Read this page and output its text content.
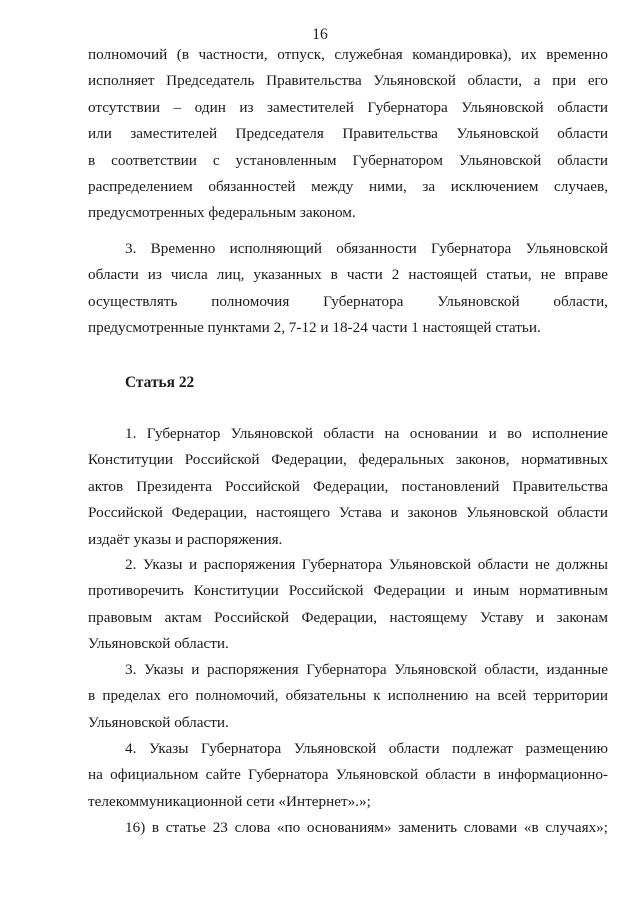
16
полномочий (в частности, отпуск, служебная командировка), их временно
исполняет Председатель Правительства Ульяновской области, а при его
отсутствии – один из заместителей Губернатора Ульяновской области
или заместителей Председателя Правительства Ульяновской области
в соответствии с установленным Губернатором Ульяновской области
распределением обязанностей между ними, за исключением случаев,
предусмотренных федеральным законом.
3. Временно исполняющий обязанности Губернатора Ульяновской
области из числа лиц, указанных в части 2 настоящей статьи, не вправе
осуществлять полномочия Губернатора Ульяновской области,
предусмотренные пунктами 2, 7-12 и 18-24 части 1 настоящей статьи.
Статья 22
1. Губернатор Ульяновской области на основании и во исполнение
Конституции Российской Федерации, федеральных законов, нормативных
актов Президента Российской Федерации, постановлений Правительства
Российской Федерации, настоящего Устава и законов Ульяновской области
издаёт указы и распоряжения.
2. Указы и распоряжения Губернатора Ульяновской области не должны
противоречить Конституции Российской Федерации и иным нормативным
правовым актам Российской Федерации, настоящему Уставу и законам
Ульяновской области.
3. Указы и распоряжения Губернатора Ульяновской области, изданные
в пределах его полномочий, обязательны к исполнению на всей территории
Ульяновской области.
4. Указы Губернатора Ульяновской области подлежат размещению
на официальном сайте Губернатора Ульяновской области в информационно-
телекоммуникационной сети «Интернет».»;
16) в статье 23 слова «по основаниям» заменить словами «в случаях»;
